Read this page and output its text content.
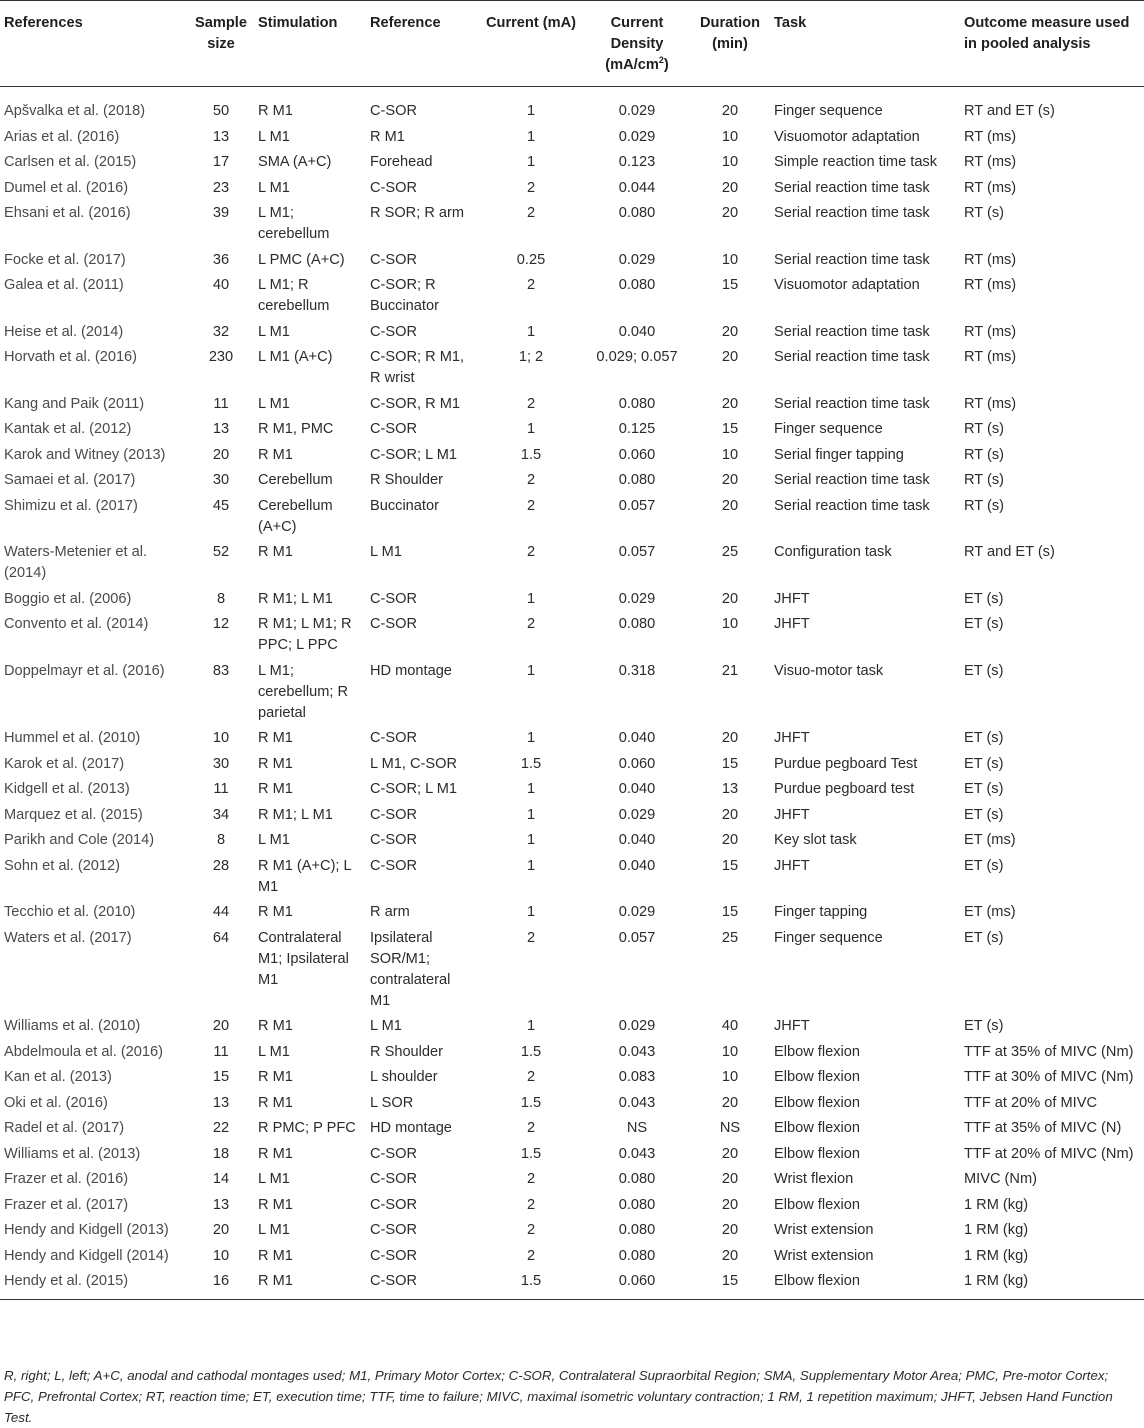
References	Sample size	Stimulation	Reference	Current (mA)	Current Density $(mA/cm^2)$	Duration (min)	Task	Outcome measure used in pooled analysis
Apšvalka et al. (2018)	50	R M1	C-SOR	1	0.029	20	Finger sequence	RT and ET (s)
Arias et al. (2016)	13	L M1	R M1	1	0.029	10	Visuomotor adaptation	RT (ms)
Carlsen et al. (2015)	17	SMA (A+C)	Forehead	1	0.123	10	Simple reaction time task	RT (ms)
Dumel et al. (2016)	23	L M1	C-SOR	2	0.044	20	Serial reaction time task	RT (ms)
Ehsani et al. (2016)	39	L M1; cerebellum	R SOR; R arm	2	0.080	20	Serial reaction time task	RT (s)
Focke et al. (2017)	36	L PMC (A+C)	C-SOR	0.25	0.029	10	Serial reaction time task	RT (ms)
Galea et al. (2011)	40	L M1; R cerebellum	C-SOR; R Buccinator	2	0.080	15	Visuomotor adaptation	RT (ms)
Heise et al. (2014)	32	L M1	C-SOR	1	0.040	20	Serial reaction time task	RT (ms)
Horvath et al. (2016)	230	L M1 (A+C)	C-SOR; R M1, R wrist	1; 2	0.029; 0.057	20	Serial reaction time task	RT (ms)
Kang and Paik (2011)	11	L M1	C-SOR, R M1	2	0.080	20	Serial reaction time task	RT (ms)
Kantak et al. (2012)	13	R M1, PMC	C-SOR	1	0.125	15	Finger sequence	RT (s)
Karok and Witney (2013)	20	R M1	C-SOR; L M1	1.5	0.060	10	Serial finger tapping	RT (s)
Samaei et al. (2017)	30	Cerebellum	R Shoulder	2	0.080	20	Serial reaction time task	RT (s)
Shimizu et al. (2017)	45	Cerebellum (A+C)	Buccinator	2	0.057	20	Serial reaction time task	RT (s)
Waters-Metenier et al. (2014)	52	R M1	L M1	2	0.057	25	Configuration task	RT and ET (s)
Boggio et al. (2006)	8	R M1; L M1	C-SOR	1	0.029	20	JHFT	ET (s)
Convento et al. (2014)	12	R M1; L M1; R PPC; L PPC	C-SOR	2	0.080	10	JHFT	ET (s)
Doppelmayr et al. (2016)	83	L M1; cerebellum; R parietal	HD montage	1	0.318	21	Visuo-motor task	ET (s)
Hummel et al. (2010)	10	R M1	C-SOR	1	0.040	20	JHFT	ET (s)
Karok et al. (2017)	30	R M1	L M1, C-SOR	1.5	0.060	15	Purdue pegboard Test	ET (s)
Kidgell et al. (2013)	11	R M1	C-SOR; L M1	1	0.040	13	Purdue pegboard test	ET (s)
Marquez et al. (2015)	34	R M1; L M1	C-SOR	1	0.029	20	JHFT	ET (s)
Parikh and Cole (2014)	8	L M1	C-SOR	1	0.040	20	Key slot task	ET (ms)
Sohn et al. (2012)	28	R M1 (A+C); L M1	C-SOR	1	0.040	15	JHFT	ET (s)
Tecchio et al. (2010)	44	R M1	R arm	1	0.029	15	Finger tapping	ET (ms)
Waters et al. (2017)	64	Contralateral M1; Ipsilateral M1	Ipsilateral SOR/M1; contralateral M1	2	0.057	25	Finger sequence	ET (s)
Williams et al. (2010)	20	R M1	L M1	1	0.029	40	JHFT	ET (s)
Abdelmoula et al. (2016)	11	L M1	R Shoulder	1.5	0.043	10	Elbow flexion	TTF at 35% of MIVC (Nm)
Kan et al. (2013)	15	R M1	L shoulder	2	0.083	10	Elbow flexion	TTF at 30% of MIVC (Nm)
Oki et al. (2016)	13	R M1	L SOR	1.5	0.043	20	Elbow flexion	TTF at 20% of MIVC
Radel et al. (2017)	22	R PMC; P PFC	HD montage	2	NS	NS	Elbow flexion	TTF at 35% of MIVC (N)
Williams et al. (2013)	18	R M1	C-SOR	1.5	0.043	20	Elbow flexion	TTF at 20% of MIVC (Nm)
Frazer et al. (2016)	14	L M1	C-SOR	2	0.080	20	Wrist flexion	MIVC (Nm)
Frazer et al. (2017)	13	R M1	C-SOR	2	0.080	20	Elbow flexion	1 RM (kg)
Hendy and Kidgell (2013)	20	L M1	C-SOR	2	0.080	20	Wrist extension	1 RM (kg)
Hendy and Kidgell (2014)	10	R M1	C-SOR	2	0.080	20	Wrist extension	1 RM (kg)
Hendy et al. (2015)	16	R M1	C-SOR	1.5	0.060	15	Elbow flexion	1 RM (kg)
R, right; L, left; A+C, anodal and cathodal montages used; M1, Primary Motor Cortex; C-SOR, Contralateral Supraorbital Region; SMA, Supplementary Motor Area; PMC, Pre-motor Cortex; PFC, Prefrontal Cortex; RT, reaction time; ET, execution time; TTF, time to failure; MIVC, maximal isometric voluntary contraction; 1 RM, 1 repetition maximum; JHFT, Jebsen Hand Function Test.
